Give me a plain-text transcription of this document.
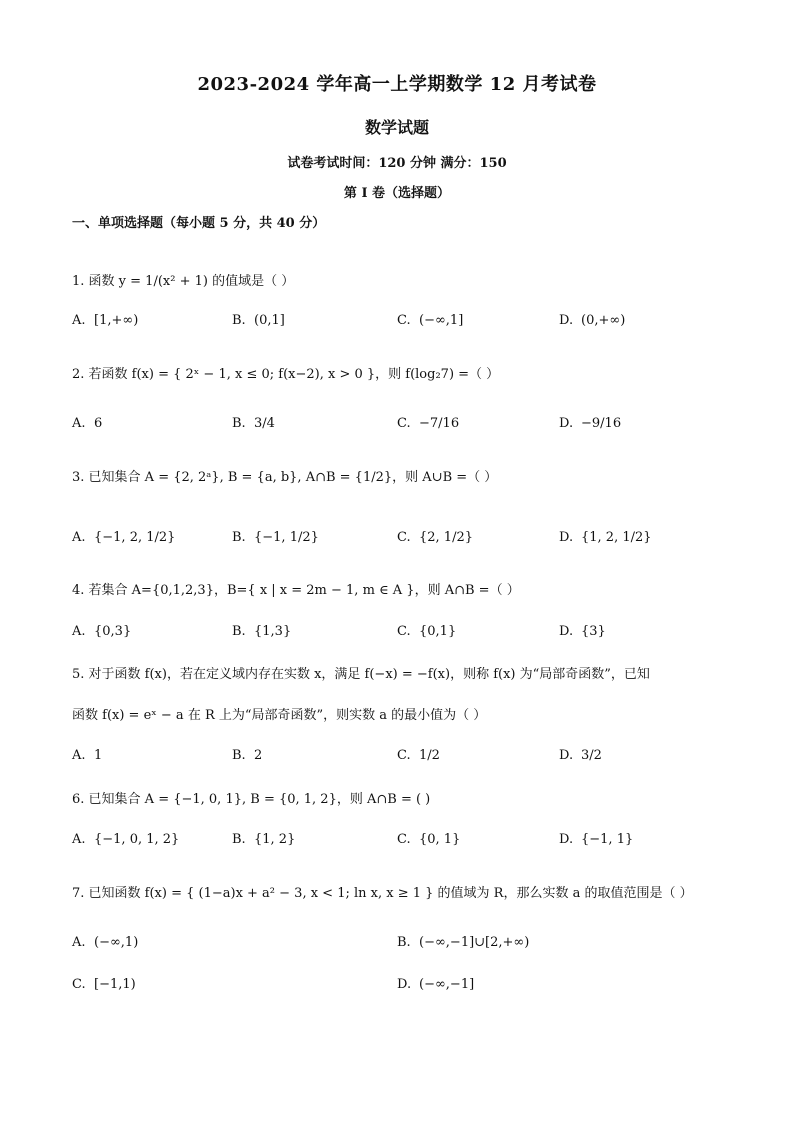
2023-2024 学年高一上学期数学 12 月考试卷
数学试题
试卷考试时间：120 分钟 满分：150
第 I 卷（选择题）
一、单项选择题（每小题 5 分，共 40 分）
1. 函数 y = 1/(x² + 1) 的值域是（ ）
A. [1,+∞)	B. (0,1]	C. (−∞,1]	D. (0,+∞)
2. 若函数 f(x) = { 2ˣ − 1, x ≤ 0; f(x−2), x > 0 }，则 f(log₂7) =（ ）
A. 6	B. 3/4	C. −7/16	D. −9/16
3. 已知集合 A = {2, 2ᵃ}, B = {a, b}, A∩B = {1/2}，则 A∪B =（ ）
A. {−1, 2, 1/2}	B. {−1, 1/2}	C. {2, 1/2}	D. {1, 2, 1/2}
4. 若集合 A={0,1,2,3}，B={ x | x = 2m − 1, m ∈ A }，则 A∩B =（ ）
A. {0,3}	B. {1,3}	C. {0,1}	D. {3}
5. 对于函数 f(x)，若在定义域内存在实数 x，满足 f(−x) = −f(x)，则称 f(x) 为“局部奇函数”，已知
函数 f(x) = eˣ − a 在 R 上为“局部奇函数”，则实数 a 的最小值为（ ）
A. 1	B. 2	C. 1/2	D. 3/2
6. 已知集合 A = {−1, 0, 1}, B = {0, 1, 2}，则 A∩B = ( )
A. {−1, 0, 1, 2}	B. {1, 2}	C. {0, 1}	D. {−1, 1}
7. 已知函数 f(x) = { (1−a)x + a² − 3, x < 1; ln x, x ≥ 1 } 的值域为 R，那么实数 a 的取值范围是（ ）
A. (−∞,1)	B. (−∞,−1]∪[2,+∞)
C. [−1,1)	D. (−∞,−1]
